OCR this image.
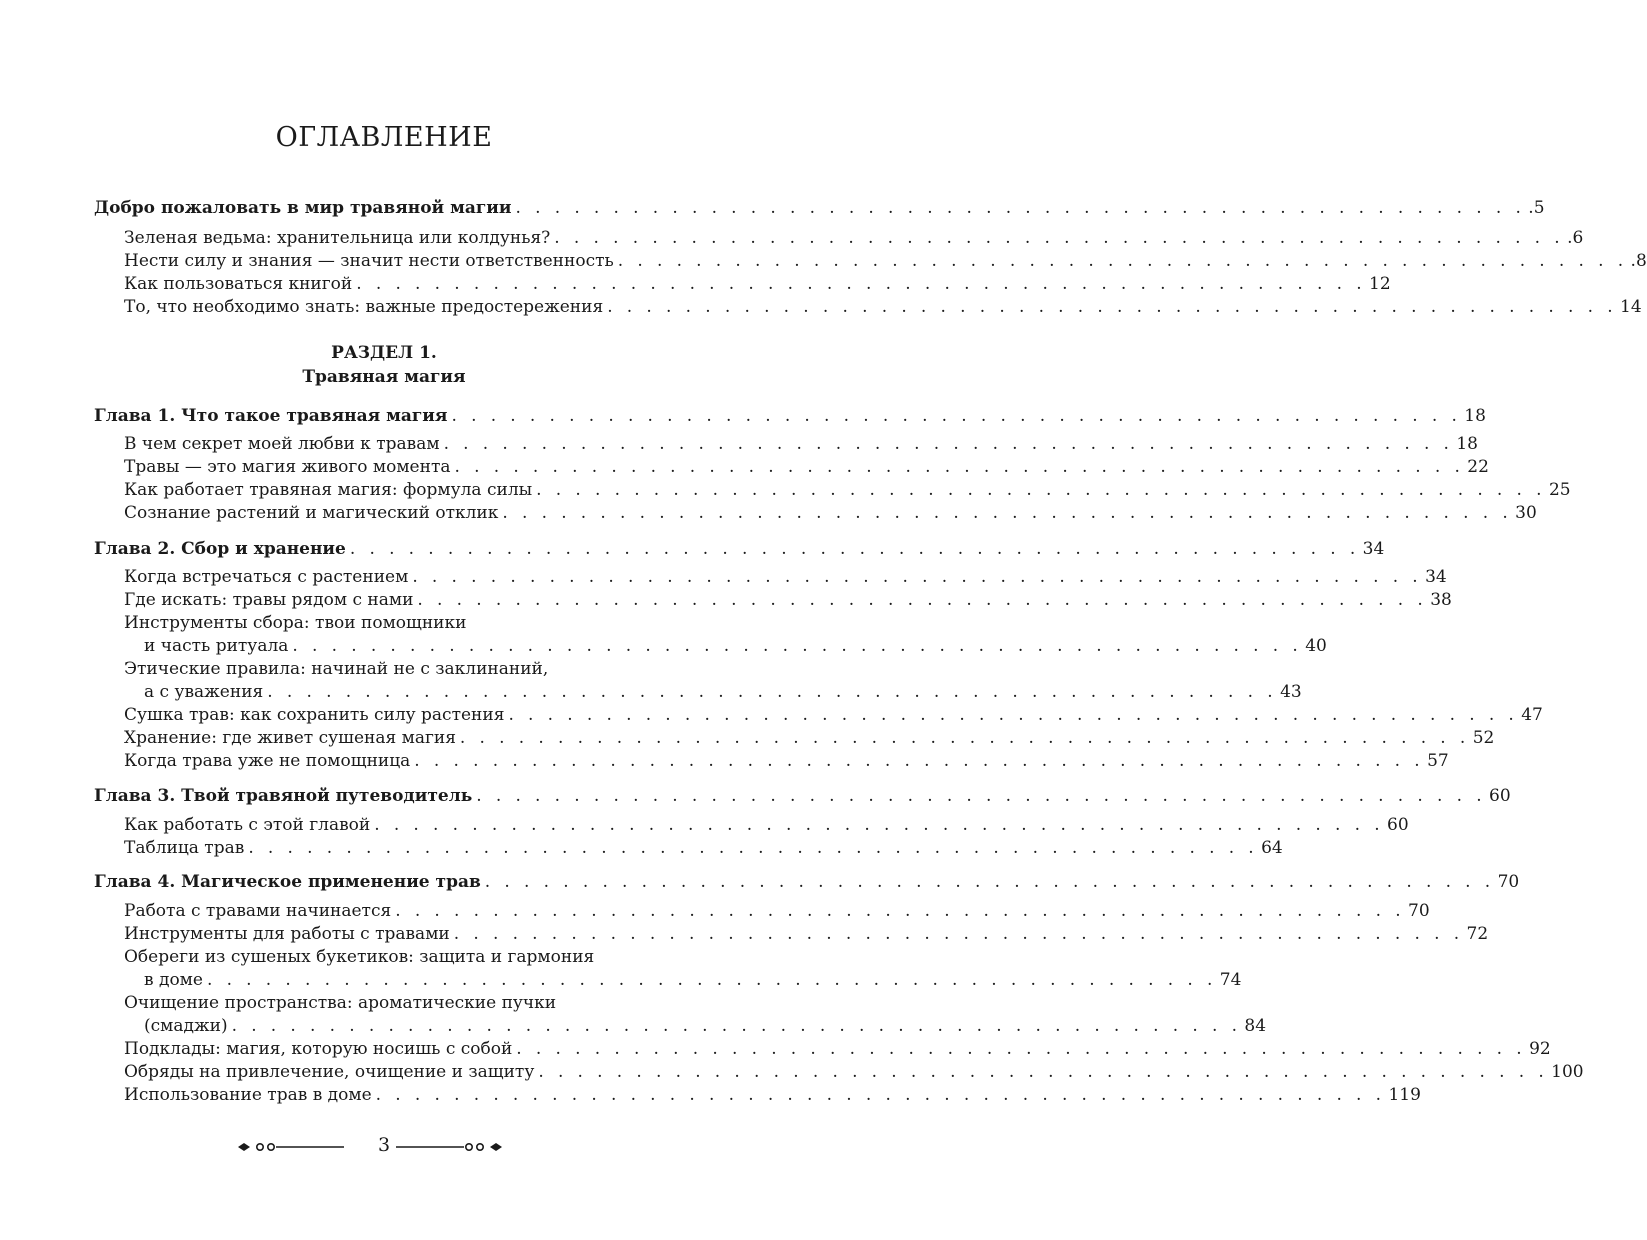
ОГЛАВЛЕНИЕ
Добро пожаловать в мир травяной магии . . . . . . . . . . . . . . . . . . . . . . . . . . . . . . . . . . . . . . . . . . . . . . . . . . . . .5
Зеленая ведьма: хранительница или колдунья? . . . . . . . . . . . . . . . . . . . . . . . . . . . . . . . . . . . . . . . . . . . . . . . . . . . . .6
Нести силу и знания — значит нести ответственность . . . . . . . . . . . . . . . . . . . . . . . . . . . . . . . . . . . . . . . . . . . . . . . . . . . . .8
Как пользоваться книгой . . . . . . . . . . . . . . . . . . . . . . . . . . . . . . . . . . . . . . . . . . . . . . . . . . . . 12
То, что необходимо знать: важные предостережения . . . . . . . . . . . . . . . . . . . . . . . . . . . . . . . . . . . . . . . . . . . . . . . . . . . . 14
РАЗДЕЛ 1.
Травяная магия
Глава 1. Что такое травяная магия . . . . . . . . . . . . . . . . . . . . . . . . . . . . . . . . . . . . . . . . . . . . . . . . . . . . 18
В чем секрет моей любви к травам . . . . . . . . . . . . . . . . . . . . . . . . . . . . . . . . . . . . . . . . . . . . . . . . . . . . 18
Травы — это магия живого момента . . . . . . . . . . . . . . . . . . . . . . . . . . . . . . . . . . . . . . . . . . . . . . . . . . . . 22
Как работает травяная магия: формула силы . . . . . . . . . . . . . . . . . . . . . . . . . . . . . . . . . . . . . . . . . . . . . . . . . . . . 25
Сознание растений и магический отклик . . . . . . . . . . . . . . . . . . . . . . . . . . . . . . . . . . . . . . . . . . . . . . . . . . . . 30
Глава 2. Сбор и хранение . . . . . . . . . . . . . . . . . . . . . . . . . . . . . . . . . . . . . . . . . . . . . . . . . . . . 34
Когда встречаться с растением . . . . . . . . . . . . . . . . . . . . . . . . . . . . . . . . . . . . . . . . . . . . . . . . . . . . 34
Где искать: травы рядом с нами . . . . . . . . . . . . . . . . . . . . . . . . . . . . . . . . . . . . . . . . . . . . . . . . . . . . 38
Инструменты сбора: твои помощники
и часть ритуала . . . . . . . . . . . . . . . . . . . . . . . . . . . . . . . . . . . . . . . . . . . . . . . . . . . . 40
Этические правила: начинай не с заклинаний,
а с уважения . . . . . . . . . . . . . . . . . . . . . . . . . . . . . . . . . . . . . . . . . . . . . . . . . . . . 43
Сушка трав: как сохранить силу растения . . . . . . . . . . . . . . . . . . . . . . . . . . . . . . . . . . . . . . . . . . . . . . . . . . . . 47
Хранение: где живет сушеная магия . . . . . . . . . . . . . . . . . . . . . . . . . . . . . . . . . . . . . . . . . . . . . . . . . . . . 52
Когда трава уже не помощница . . . . . . . . . . . . . . . . . . . . . . . . . . . . . . . . . . . . . . . . . . . . . . . . . . . . 57
Глава 3. Твой травяной путеводитель . . . . . . . . . . . . . . . . . . . . . . . . . . . . . . . . . . . . . . . . . . . . . . . . . . . . 60
Как работать с этой главой . . . . . . . . . . . . . . . . . . . . . . . . . . . . . . . . . . . . . . . . . . . . . . . . . . . . 60
Таблица трав . . . . . . . . . . . . . . . . . . . . . . . . . . . . . . . . . . . . . . . . . . . . . . . . . . . . 64
Глава 4. Магическое применение трав . . . . . . . . . . . . . . . . . . . . . . . . . . . . . . . . . . . . . . . . . . . . . . . . . . . . 70
Работа с травами начинается . . . . . . . . . . . . . . . . . . . . . . . . . . . . . . . . . . . . . . . . . . . . . . . . . . . . 70
Инструменты для работы с травами . . . . . . . . . . . . . . . . . . . . . . . . . . . . . . . . . . . . . . . . . . . . . . . . . . . . 72
Обереги из сушеных букетиков: защита и гармония
в доме . . . . . . . . . . . . . . . . . . . . . . . . . . . . . . . . . . . . . . . . . . . . . . . . . . . . 74
Очищение пространства: ароматические пучки
(смаджи) . . . . . . . . . . . . . . . . . . . . . . . . . . . . . . . . . . . . . . . . . . . . . . . . . . . . 84
Подклады: магия, которую носишь с собой . . . . . . . . . . . . . . . . . . . . . . . . . . . . . . . . . . . . . . . . . . . . . . . . . . . . 92
Обряды на привлечение, очищение и защиту . . . . . . . . . . . . . . . . . . . . . . . . . . . . . . . . . . . . . . . . . . . . . . . . . . . . 100
Использование трав в доме . . . . . . . . . . . . . . . . . . . . . . . . . . . . . . . . . . . . . . . . . . . . . . . . . . . . 119
3
